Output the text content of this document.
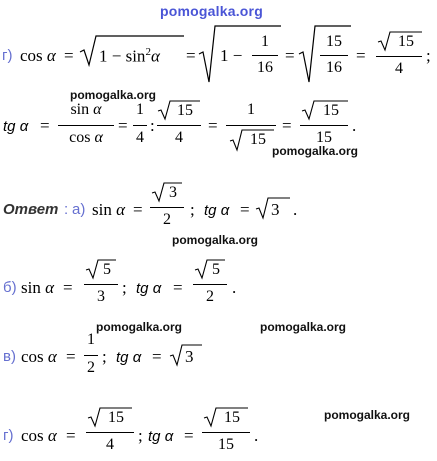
pomogalka.org
pomogalka.org
pomogalka.org
pomogalka.org
pomogalka.org	pomogalka.org
pomogalka.org
г) $\cos \alpha = 1 - \sin^2\alpha = 1$ −
1
16
=
15
16
=
15
4
;
tg α =
sin α
cos α
=
1
4
:
15
4
=
1
15
=
15
15
.
Ответ : а) sin α =
3
2
; tg α = 3 .
б) sin α =
5
3	; tg α =
5
2	.
в) cos α =
1
2
; tg α = 3
г) cos α =
15
4	; tg α =
15
15	.
